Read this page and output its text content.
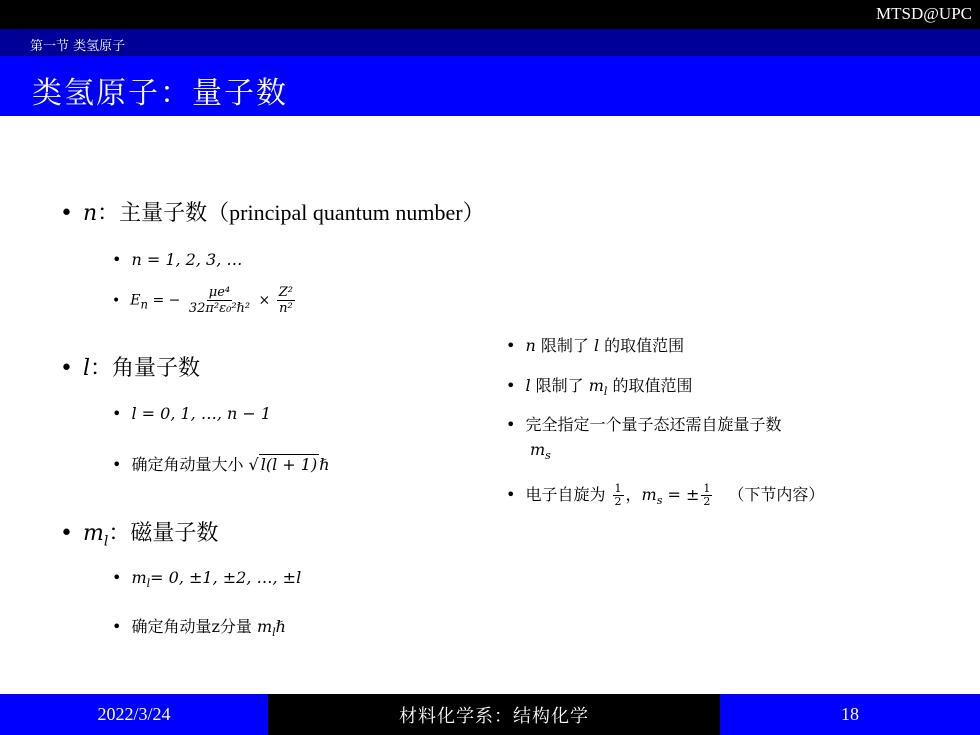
MTSD@UPC
第一节 类氢原子
类氢原子：量子数
• n：主量子数（principal quantum number）
• n = 1, 2, 3, …
• $E_n$ = − $\frac{\text{μe⁴}}{\text{32π²ε₀²ℏ²}} \times \frac{\text{Z²}}{\text{n²}}$
• l：角量子数
• l = 0, 1, …, n − 1
• 确定角动量大小 √ l(l + 1) ℏ
• $m_l$：磁量子数
• $m_l= 0$, ±1, ±2, …, ±l
• 确定角动量z分量 $m_l\hbar$
• n 限制了 l 的取值范围
• l 限制了 $m_l$ 的取值范围
• 完全指定一个量子态还需自旋量子数
$m_s$
• 电子自旋为 $\frac{1}{2}$ ，$m_s$ = ± $\frac{1}{2}$ （下节内容）
2022/3/24	材料化学系：结构化学	18
